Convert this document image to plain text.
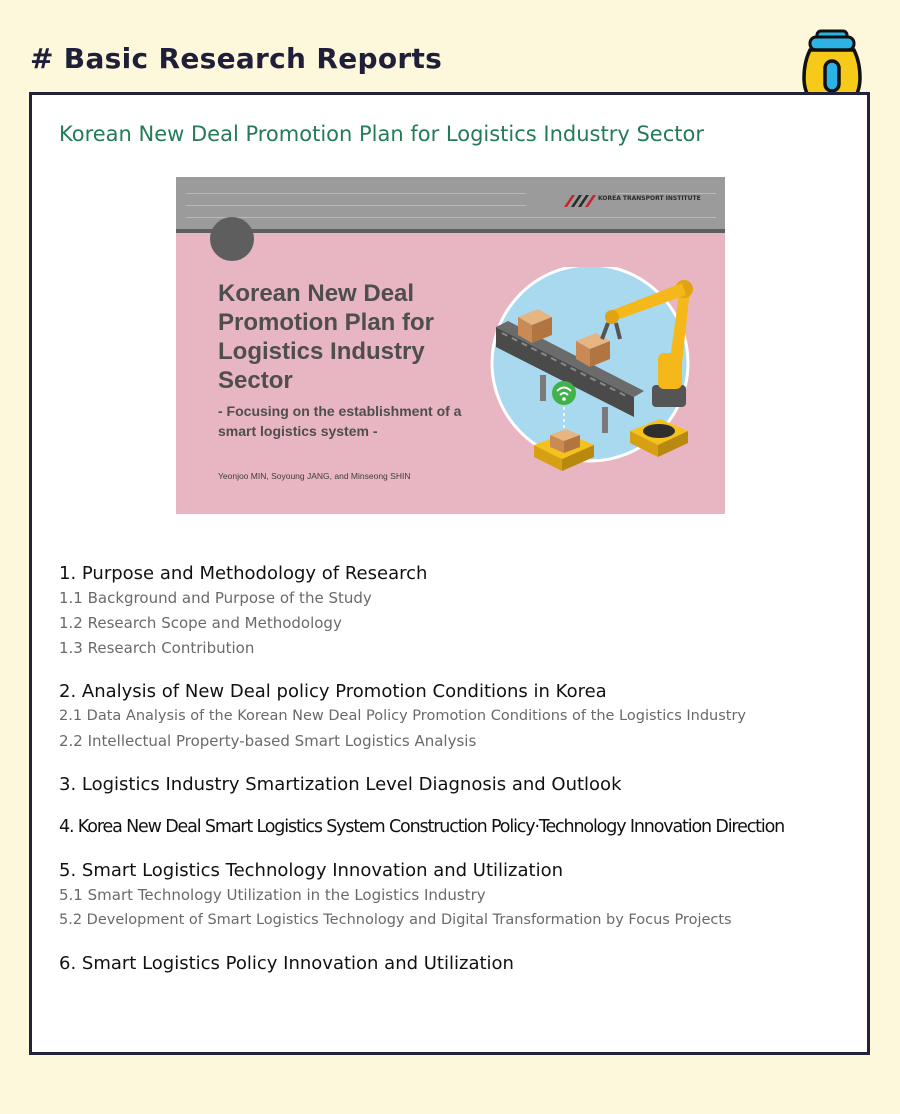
# Basic Research Reports
Korean New Deal Promotion Plan for Logistics Industry Sector
KOREA TRANSPORT INSTITUTE
Korean New Deal Promotion Plan for Logistics Industry Sector
- Focusing on the establishment of a smart logistics system -
Yeonjoo MIN, Soyoung JANG, and Minseong SHIN
1. Purpose and Methodology of Research
1.1 Background and Purpose of the Study
1.2 Research Scope and Methodology
1.3 Research Contribution
2. Analysis of New Deal policy Promotion Conditions in Korea
2.1 Data Analysis of the Korean New Deal Policy Promotion Conditions of the Logistics Industry
2.2 Intellectual Property-based Smart Logistics Analysis
3. Logistics Industry Smartization Level Diagnosis and Outlook
4. Korea New Deal Smart Logistics System Construction Policy·Technology Innovation Direction
5. Smart Logistics Technology Innovation and Utilization
5.1 Smart Technology Utilization in the Logistics Industry
5.2 Development of Smart Logistics Technology and Digital Transformation by Focus Projects
6. Smart Logistics Policy Innovation and Utilization
